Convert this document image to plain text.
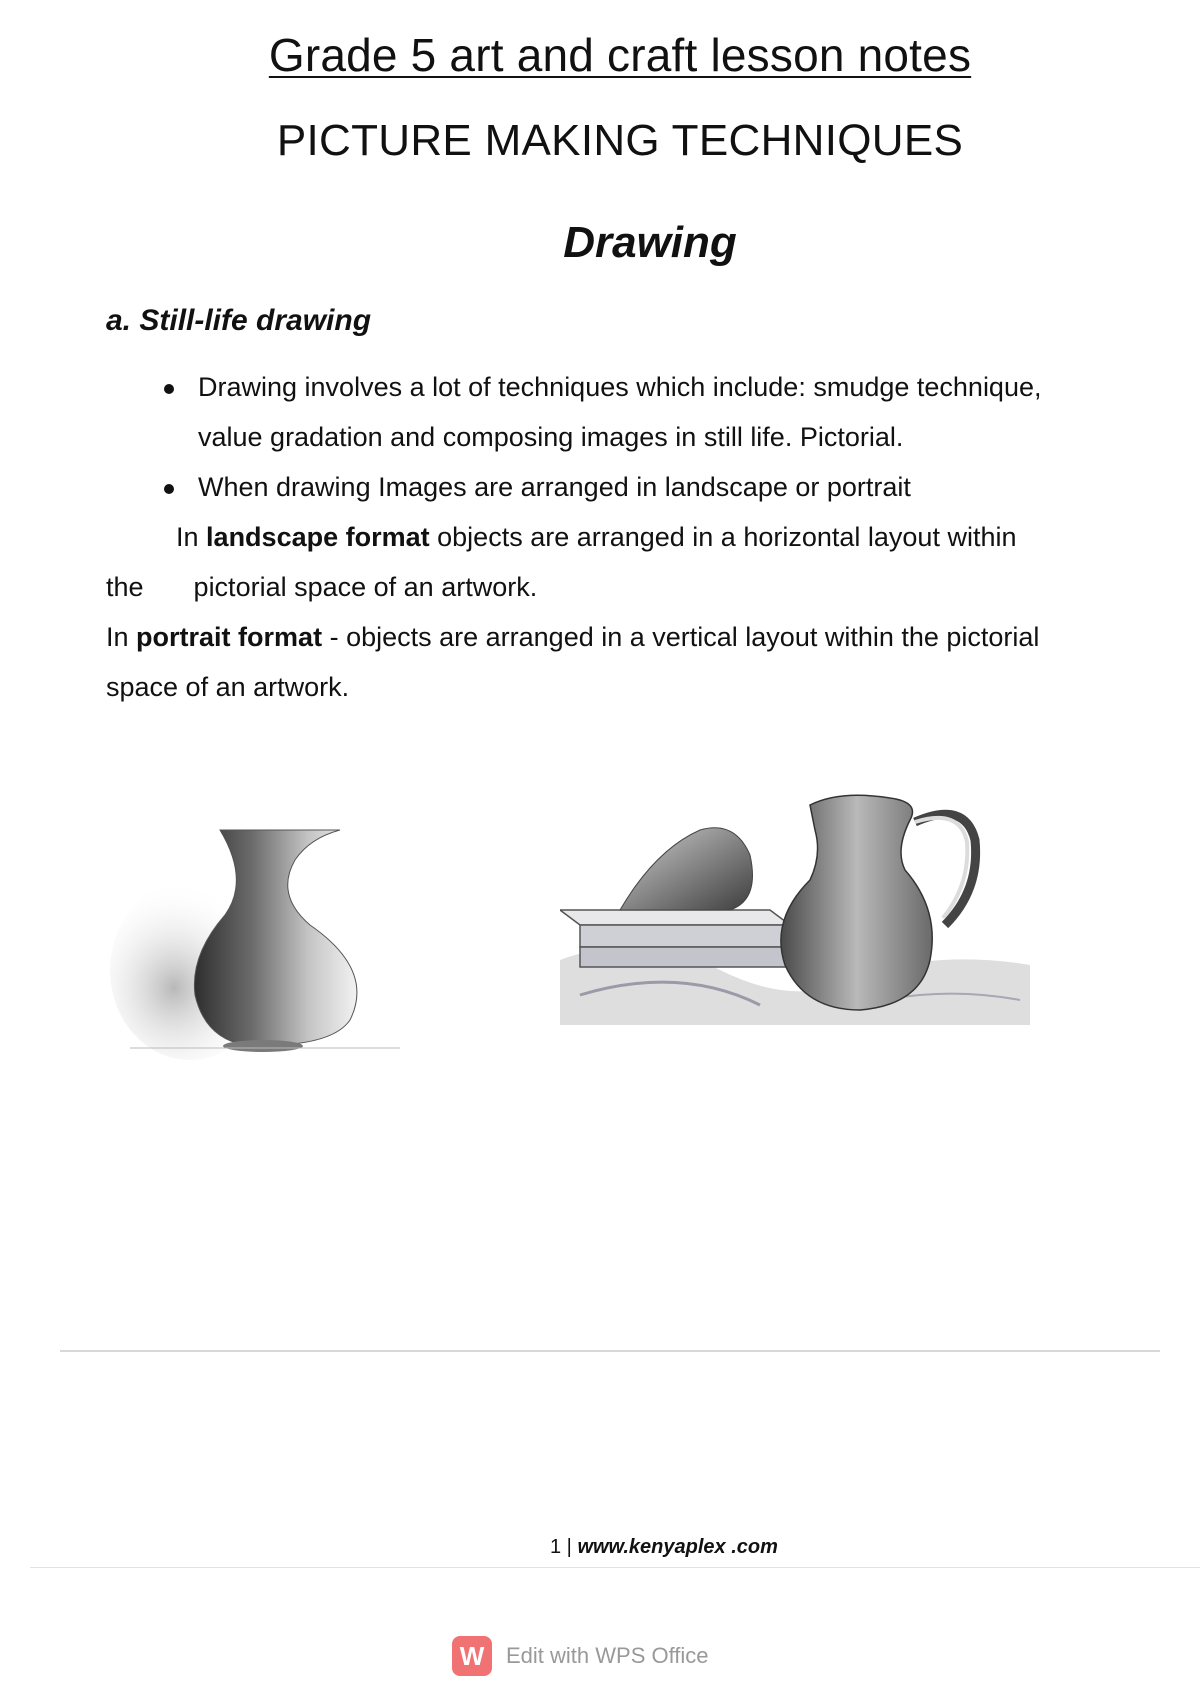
Grade 5 art and craft lesson notes
PICTURE MAKING TECHNIQUES
Drawing
a. Still-life drawing
Drawing involves a lot of techniques which include: smudge technique, value gradation and composing images in still life. Pictorial.
When drawing Images are arranged in landscape or portrait
In landscape format objects are arranged in a horizontal layout within
the pictorial space of an artwork.
In portrait format - objects are arranged in a vertical layout within the pictorial space of an artwork.
1 | www.kenyaplex .com
W Edit with WPS Office
